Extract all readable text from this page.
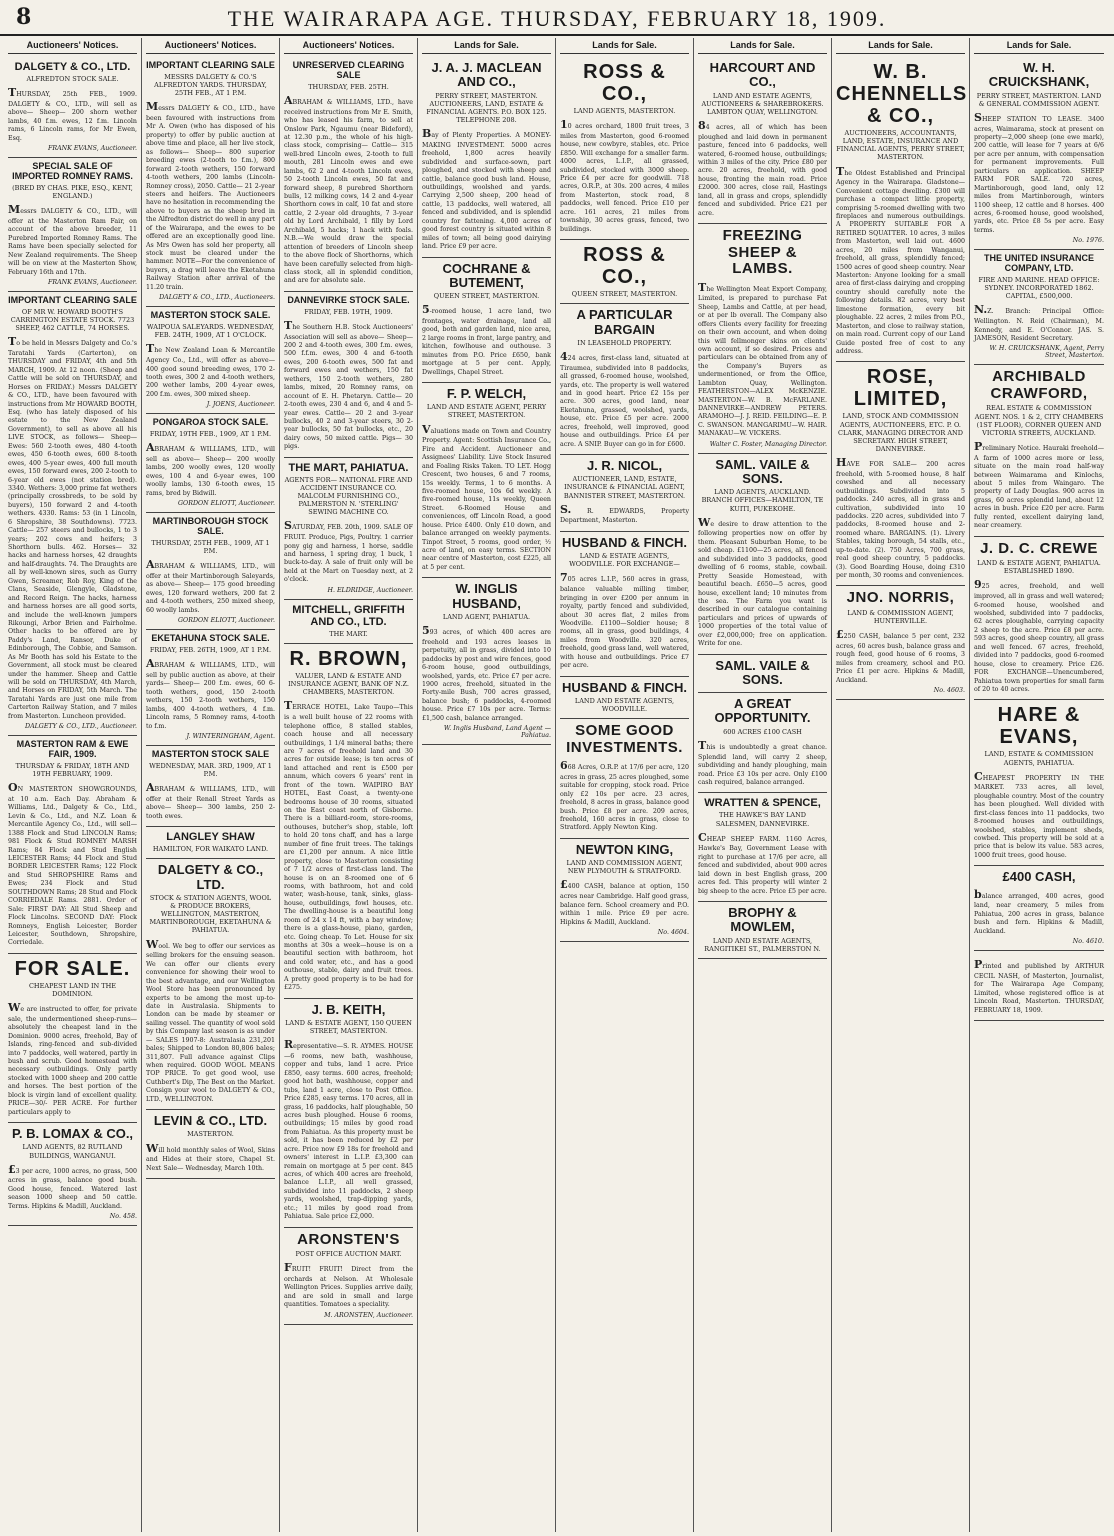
8	THE WAIRARAPA AGE. THURSDAY, FEBRUARY 18, 1909.
Auctioneers' Notices.
DALGETY & CO., LTD.
ALFREDTON STOCK SALE.
THURSDAY, 25th FEB., 1909. DALGETY & CO., LTD., will sell as above— Sheep— 200 shorn wether lambs, 40 f.m. ewes, 12 f.m. Lincoln rams, 6 Lincoln rams, for Mr Ewen, Esq.
FRANK EVANS, Auctioneer.
SPECIAL SALE OF IMPORTED ROMNEY RAMS.
(BRED BY CHAS. PIKE, ESQ., KENT, ENGLAND.)
Messrs DALGETY & CO., LTD., will offer at the Masterton Ram Fair, on account of the above breeder, 11 Purebred Imported Romney Rams. The Rams have been specially selected for New Zealand requirements. The Sheep will be on view at the Masterton Show, February 16th and 17th.
FRANK EVANS, Auctioneer.
IMPORTANT CLEARING SALE
OF MR W. HOWARD BOOTH'S CARRINGTON ESTATE STOCK. 7723 SHEEP, 462 CATTLE, 74 HORSES.
To be held in Messrs Dalgety and Co.'s Taratahi Yards (Carterton), on THURSDAY and FRIDAY, 4th and 5th MARCH, 1909. At 12 noon. (Sheep and Cattle will be sold on THURSDAY, and Horses on FRIDAY.) Messrs DALGETY & CO., LTD., have been favoured with instructions from Mr HOWARD BOOTH, Esq. (who has lately disposed of his estate to the New Zealand Government), to sell as above all his LIVE STOCK, as follows— Sheep— Ewes: 560 2-tooth ewes, 480 4-tooth ewes, 450 6-tooth ewes, 600 8-tooth ewes, 400 5-year ewes, 400 full mouth ewes, 150 forward ewes, 200 2-tooth to 6-year old ewes (not station bred). 3340. Wethers: 3,000 prime fat wethers (principally crossbreds, to be sold by buyers), 150 forward 2 and 4-tooth wethers. 4330. Rams: 53 (in 1 Lincoln, 6 Shropshire, 38 Southdowns). 7723. Cattle— 257 steers and bullocks, 1 to 3 years; 202 cows and heifers; 3 Shorthorn bulls. 462. Horses— 32 hacks and harness horses, 42 draughts and half-draughts. 74. The Draughts are all by well-known sires, such as Gurry Gwen, Screamer, Rob Roy, King of the Clans, Seaside, Glengyle, Gladstone, and Record Reign. The hacks, harness and harness horses are all good sorts, and include the well-known jumpers Rikoungi, Arbor Brien and Fairholme. Other hacks to be offered are by Paddy's Land, Ransor, Duke of Edinborough, The Cobbie, and Samson. As Mr Booth has sold his Estate to the Government, all stock must be cleared under the hammer. Sheep and Cattle will be sold on THURSDAY, 4th March, and Horses on FRIDAY, 5th March. The Taratahi Yards are just one mile from Carterton Railway Station, and 7 miles from Masterton. Luncheon provided.
DALGETY & CO., LTD., Auctioneer.
MASTERTON RAM & EWE FAIR, 1909.
THURSDAY & FRIDAY, 18TH AND 19TH FEBRUARY, 1909.
ON MASTERTON SHOWGROUNDS, at 10 a.m. Each Day. Abraham & Williams, Ltd., Dalgety & Co., Ltd., Levin & Co., Ltd., and N.Z. Loan & Mercantile Agency Co., Ltd., will sell— 1388 Flock and Stud LINCOLN Rams; 981 Flock & Stud ROMNEY MARSH Rams; 84 Flock and Stud English LEICESTER Rams; 44 Flock and Stud BORDER LEICESTER Rams; 122 Flock and Stud SHROPSHIRE Rams and Ewes; 234 Flock and Stud SOUTHDOWN Rams; 28 Stud and Flock CORRIEDALE Rams. 2881. Order of Sale: FIRST DAY: All Stud Sheep and Flock Lincolns. SECOND DAY: Flock Romneys, English Leicester, Border Leicester, Southdown, Shropshire, Corriedale.
FOR SALE.
CHEAPEST LAND IN THE DOMINION.
We are instructed to offer, for private sale, the undermentioned sheep-runs—absolutely the cheapest land in the Dominion. 9000 acres, freehold, Bay of Islands, ring-fenced and sub-divided into 7 paddocks, well watered, partly in bush and scrub. Good homestead with necessary outbuildings. Only partly stocked with 1000 sheep and 200 cattle and horses. The best portion of the block is virgin land of excellent quality. PRICE—30/- PER ACRE. For further particulars apply to
P. B. LOMAX & CO.,
LAND AGENTS, 82 RUTLAND BUILDINGS, WANGANUI.
£3 per acre, 1000 acres, no grass, 500 acres in grass, balance good bush. Good house, fenced. Watered last season 1000 sheep and 50 cattle. Terms. Hipkins & Madill, Auckland.
No. 458.
Auctioneers' Notices.
IMPORTANT CLEARING SALE
MESSRS DALGETY & CO.'S ALFREDTON YARDS. THURSDAY, 25TH FEB., AT 1 P.M.
Messrs DALGETY & CO., LTD., have been favoured with instructions from Mr A. Owen (who has disposed of his property) to offer by public auction at above time and place, all her live stock, as follows— Sheep— 800 superior breeding ewes (2-tooth to f.m.), 800 forward 2-tooth wethers, 150 forward 4-tooth wethers, 200 lambs (Lincoln-Romney cross), 2050. Cattle— 21 2-year steers and heifers. The Auctioneers have no hesitation in recommending the above to buyers as the sheep bred in the Alfredton district do well in any part of the Wairarapa, and the ewes to be offered are an exceptionally good line. As Mrs Owen has sold her property, all stock must be cleared under the hammer. NOTE—For the convenience of buyers, a drag will leave the Eketahuna Railway Station after arrival of the 11.20 train.
DALGETY & CO., LTD., Auctioneers.
MASTERTON STOCK SALE.
WAIPOUA SALEYARDS. WEDNESDAY, FEB. 24TH, 1909, AT 1 O'CLOCK.
The New Zealand Loan & Mercantile Agency Co., Ltd., will offer as above— 400 good sound breeding ewes, 170 2-tooth ewes, 300 2 and 4-tooth wethers, 200 wether lambs, 200 4-year ewes, 200 f.m. ewes, 300 mixed sheep.
J. JOENS, Auctioneer.
PONGAROA STOCK SALE.
FRIDAY, 19TH FEB., 1909, AT 1 P.M.
ABRAHAM & WILLIAMS, LTD., will sell as above— Sheep— 200 woolly lambs, 200 woolly ewes, 120 woolly ewes, 100 4 and 6-year ewes, 100 woolly lambs, 130 6-tooth ewes, 15 rams, bred by Bidwill.
GORDON ELIOTT, Auctioneer.
MARTINBOROUGH STOCK SALE.
THURSDAY, 25TH FEB., 1909, AT 1 P.M.
ABRAHAM & WILLIAMS, LTD., will offer at their Martinborough Saleyards, as above— Sheep— 175 good breeding ewes, 120 forward wethers, 200 fat 2 and 4-tooth wethers, 250 mixed sheep, 60 woolly lambs.
GORDON ELIOTT, Auctioneer.
EKETAHUNA STOCK SALE.
FRIDAY, FEB. 26TH, 1909, AT 1 P.M.
ABRAHAM & WILLIAMS, LTD., will sell by public auction as above, at their yards— Sheep— 200 f.m. ewes, 60 6-tooth wethers, good, 150 2-tooth wethers, 150 2-tooth wethers, 150 lambs, 400 4-tooth wethers, 4 f.m. Lincoln rams, 5 Romney rams, 4-tooth to f.m.
J. WINTERINGHAM, Agent.
MASTERTON STOCK SALE
WEDNESDAY, MAR. 3RD, 1909, AT 1 P.M.
ABRAHAM & WILLIAMS, LTD., will offer at their Renall Street Yards as above— Sheep— 300 lambs, 250 2-tooth ewes.
LANGLEY SHAW
HAMILTON, FOR WAIKATO LAND.
DALGETY & CO., LTD.
STOCK & STATION AGENTS, WOOL & PRODUCE BROKERS, WELLINGTON, MASTERTON, MARTINBOROUGH, EKETAHUNA & PAHIATUA.
Wool. We beg to offer our services as selling brokers for the ensuing season. We can offer our clients every convenience for showing their wool to the best advantage, and our Wellington Wool Store has been pronounced by experts to be among the most up-to-date in Australasia. Shipments to London can be made by steamer or sailing vessel. The quantity of wool sold by this Company last season is as under— SALES 1907-8: Australasia 231,201 bales; Shipped to London 80,806 bales; 311,807. Full advance against Clips when required. GOOD WOOL MEANS TOP PRICE. To get good wool, use Cuthbert's Dip, The Best on the Market. Consign your wool to DALGETY & CO., LTD., WELLINGTON.
LEVIN & CO., LTD.
MASTERTON.
Will hold monthly sales of Wool, Skins and Hides at their store, Chapel St. Next Sale— Wednesday, March 10th.
Auctioneers' Notices.
UNRESERVED CLEARING SALE
THURSDAY, FEB. 25TH.
ABRAHAM & WILLIAMS, LTD., have received instructions from Mr E. Smith, who has leased his farm, to sell at Onslow Park, Ngaumu (near Bideford), at 12.30 p.m., the whole of his high-class stock, comprising— Cattle— 315 well-bred Lincoln ewes, 2-tooth to full mouth, 281 Lincoln ewes and ewe lambs, 62 2 and 4-tooth Lincoln ewes, 50 2-tooth Lincoln ewes, 50 fat and forward sheep, 8 purebred Shorthorn bulls, 12 milking cows, 14 2 and 4-year Shorthorn cows in calf, 10 fat and store cattle, 2 2-year old draughts, 7 3-year old by Lord Archibald, 1 filly by Lord Archibald, 5 hacks; 1 hack with foals. N.B.—We would draw the special attention of breeders of Lincoln sheep to the above flock of Shorthorns, which have been carefully selected from high-class stock, all in splendid condition, and are for absolute sale.
DANNEVIRKE STOCK SALE.
FRIDAY, FEB. 19TH, 1909.
The Southern H.B. Stock Auctioneers' Association will sell as above— Sheep— 200 2 and 4-tooth ewes, 300 f.m. ewes, 500 f.f.m. ewes, 300 4 and 6-tooth ewes, 200 6-tooth ewes, 500 fat and forward ewes and wethers, 150 fat wethers, 150 2-tooth wethers, 280 lambs, mixed, 20 Romney rams, on account of E. H. Phetaryn. Cattle— 20 2-tooth ewes, 230 4 and 6, and 4 and 5-year ewes. Cattle— 20 2 and 3-year bullocks, 40 2 and 3-year steers, 30 2-year bullocks, 50 fat bullocks, etc., 20 dairy cows, 50 mixed cattle. Pigs— 30 pigs.
THE MART, PAHIATUA.
AGENTS FOR— NATIONAL FIRE AND ACCIDENT INSURANCE CO. MALCOLM FURNISHING CO., PALMERSTON N. 'STERLING' SEWING MACHINE CO.
SATURDAY, FEB. 20th, 1909. SALE OF FRUIT. Produce, Pigs, Poultry. 1 carrier pony gig and harness, 1 horse, saddle and harness, 1 spring dray, 1 buck, 1 buck-to-day. A sale of fruit only will be held at the Mart on Tuesday next, at 2 o'clock.
H. ELDRIDGE, Auctioneer.
MITCHELL, GRIFFITH AND CO., LTD.
THE MART.
R. BROWN,
VALUER, LAND & ESTATE AND INSURANCE AGENT, BANK OF N.Z. CHAMBERS, MASTERTON.
TERRACE HOTEL, Lake Taupo—This is a well built house of 22 rooms with telephone office, 8 stalled stables, coach house and all necessary outbuildings, 1 1/4 mineral baths; there are 7 acres of freehold land and 30 acres for outside lease; is ten acres of land attached and rent is £500 per annum, which covers 6 years' rent in front of the town. WAIPIRO BAY HOTEL, East Coast, a twenty-one bedrooms house of 30 rooms, situated on the East coast north of Gisborne. There is a billiard-room, store-rooms, outhouses, butcher's shop, stable, loft to hold 20 tons chaff, and has a large number of fine fruit trees. The takings are £1,200 per annum. A nice little property, close to Masterton consisting of 7 1/2 acres of first-class land. The house is on an 8-roomed one of 6 rooms, with bathroom, hot and cold water, wash-house, tank, sinks, glass-house, outbuildings, fowl houses, etc. The dwelling-house is a beautiful long room of 24 x 14 ft, with a bay window; there is a glass-house, piano, garden, etc. Going cheap. To Let. House for six months at 30s a week—house is on a beautiful section with bathroom, hot and cold water, etc., and has a good outhouse, stable, dairy and fruit trees. A pretty good property is to be had for £275.
J. B. KEITH,
LAND & ESTATE AGENT, 150 QUEEN STREET, MASTERTON.
Representative—S. R. AYMES. HOUSE—6 rooms, new bath, washhouse, copper and tubs, land 1 acre. Price £850, easy terms. 600 acres, freehold; good hot bath, washhouse, copper and tubs, land 1 acre, close to Post Office. Price £285, easy terms. 170 acres, all in grass, 16 paddocks, half ploughable, 50 acres bush ploughed. House 6 rooms, outbuildings; 15 miles by good road from Pahiatua. As this property must be sold, it has been reduced by £2 per acre. Price now £9 18s for freehold and owners' interest in L.I.P. £3,300 can remain on mortgage at 5 per cent. 845 acres, of which 400 acres are freehold, balance L.I.P., all well grassed, subdivided into 11 paddocks, 2 sheep yards, woolshed, trap-dipping yards, etc.; 11 miles by good road from Pahiatua. Sale price £2,000.
ARONSTEN'S
POST OFFICE AUCTION MART.
FRUIT! FRUIT! Direct from the orchards at Nelson. At Wholesale Wellington Prices. Supplies arrive daily, and are sold in small and large quantities. Tomatoes a speciality.
M. ARONSTEN, Auctioneer.
Lands for Sale.
J. A. J. MACLEAN AND CO.,
PERRY STREET, MASTERTON. AUCTIONEERS, LAND, ESTATE & FINANCIAL AGENTS. P.O. BOX 125. TELEPHONE 208.
Bay of Plenty Properties. A MONEY-MAKING INVESTMENT. 5000 acres freehold, 1,800 acres heavily subdivided and surface-sown, part ploughed, and stocked with sheep and cattle, balance good bush land. House, outbuildings, woolshed and yards. Carrying 2,500 sheep, 200 head of cattle, 13 paddocks, well watered, all fenced and subdivided, and is splendid country for fattening. 4,000 acres of good forest country is situated within 8 miles of town; all being good dairying land. Price £9 per acre.
COCHRANE & BUTEMENT,
QUEEN STREET, MASTERTON.
5-roomed house, 1 acre land, two frontages, water drainage, land all good, both and garden land, nice area, 2 large rooms in front, large pantry, and kitchen, fowlhouse and outhouse. 3 minutes from P.O. Price £650, bank mortgage at 5 per cent. Apply, Dwellings, Chapel Street.
F. P. WELCH,
LAND AND ESTATE AGENT, PERRY STREET, MASTERTON.
Valuations made on Town and Country Property. Agent: Scottish Insurance Co., Fire and Accident. Auctioneer and Assignees' Liability. Live Stock Insured and Foaling Risks Taken. TO LET. Hogg Crescent, two houses, 6 and 7 rooms, 15s weekly. Terms, 1 to 6 months. A five-roomed house, 10s 6d weekly. A five-roomed house, 11s weekly, Queen Street. 6-Roomed House and conveniences, off Lincoln Road, a good house. Price £400. Only £10 down, and balance arranged on weekly payments. Tinpot Street, 5 rooms, good order, ½ acre of land, on easy terms. SECTION near centre of Masterton, cost £225, all at 5 per cent.
W. INGLIS HUSBAND,
LAND AGENT, PAHIATUA.
593 acres, of which 400 acres are freehold and 193 acres leases in perpetuity, all in grass, divided into 10 paddocks by post and wire fences, good 6-room house, good outbuildings, woolshed, yards, etc. Price £7 per acre. 1900 acres, freehold, situated in the Forty-mile Bush, 700 acres grassed, balance bush; 6 paddocks, 4-roomed house. Price £7 10s per acre. Terms: £1,500 cash, balance arranged.
W. Inglis Husband, Land Agent — Pahiatua.
Lands for Sale.
ROSS & CO.,
LAND AGENTS, MASTERTON.
10 acres orchard, 1800 fruit trees, 3 miles from Masterton, good 6-roomed house, new cowbyre, stables, etc. Price £850. Will exchange for a smaller farm. 4000 acres, L.I.P., all grassed, subdivided, stocked with 3000 sheep. Price £4 per acre for goodwill. 718 acres, O.R.P., at 30s. 200 acres, 4 miles from Masterton, stock road, 8 paddocks, well fenced. Price £10 per acre. 161 acres, 21 miles from township, 30 acres grass, fenced, two buildings.
ROSS & CO.,
QUEEN STREET, MASTERTON.
A PARTICULAR BARGAIN
IN LEASEHOLD PROPERTY.
424 acres, first-class land, situated at Tiraumea, subdivided into 8 paddocks, all grassed, 6-roomed house, woolshed, yards, etc. The property is well watered and in good heart. Price £2 15s per acre. 300 acres, good land, near Eketahuna, grassed, woolshed, yards, house, etc. Price £5 per acre. 2000 acres, freehold, well improved, good house and outbuildings. Price £4 per acre. A SNIP. Buyer can go in for £600.
J. R. NICOL,
AUCTIONEER, LAND, ESTATE, INSURANCE & FINANCIAL AGENT, BANNISTER STREET, MASTERTON.
S. R. EDWARDS, Property Department, Masterton.
HUSBAND & FINCH.
LAND & ESTATE AGENTS, WOODVILLE. FOR EXCHANGE—
705 acres L.I.P., 560 acres in grass, balance valuable milling timber, bringing in over £200 per annum in royalty, partly fenced and subdivided, about 30 acres flat, 2 miles from Woodville. £1100—Soldier house; 8 rooms, all in grass, good buildings, 4 miles from Woodville. 320 acres, freehold, good grass land, well watered, with house and outbuildings. Price £7 per acre.
HUSBAND & FINCH.
LAND AND ESTATE AGENTS, WOODVILLE.
SOME GOOD INVESTMENTS.
668 Acres, O.R.P. at 17/6 per acre, 120 acres in grass, 25 acres ploughed, some suitable for cropping, stock road. Price only £2 10s per acre. 23 acres, freehold, 8 acres in grass, balance good bush. Price £8 per acre. 209 acres, freehold, 160 acres in grass, close to Stratford. Apply Newton King.
NEWTON KING,
LAND AND COMMISSION AGENT, NEW PLYMOUTH & STRATFORD.
£400 CASH, balance at option, 150 acres near Cambridge. Half good grass, balance fern. School creamery and P.O. within 1 mile. Price £9 per acre. Hipkins & Madill, Auckland.
No. 4604.
Lands for Sale.
HARCOURT AND CO.,
LAND AND ESTATE AGENTS, AUCTIONEERS & SHAREBROKERS. LAMBTON QUAY, WELLINGTON.
84 acres, all of which has been ploughed and laid down in permanent pasture, fenced into 6 paddocks, well watered, 6-roomed house, outbuildings; within 3 miles of the city. Price £80 per acre. 20 acres, freehold, with good house, fronting the main road. Price £2000. 300 acres, close rail, Hastings land, all in grass and crops, splendidly fenced and subdivided. Price £21 per acre.
FREEZING SHEEP & LAMBS.
The Wellington Meat Export Company, Limited, is prepared to purchase Fat Sheep, Lambs and Cattle, at per head, or at per lb overall. The Company also offers Clients every facility for freezing on their own account, and when doing this will fellmonger skins on clients' own account, if so desired. Prices and particulars can be obtained from any of the Company's Buyers as undermentioned, or from the Office, Lambton Quay, Wellington. FEATHERSTON—ALEX McKENZIE. MASTERTON—W. B. McFARLANE. DANNEVIRKE—ANDREW PETERS. ARAMOHO—J. J. REID. FEILDING—E. P. C. SWANSON. MANGARIMU—W. HAIR. MANAKAU—W. VICKERS.
Walter C. Foster, Managing Director.
SAML. VAILE & SONS.
LAND AGENTS, AUCKLAND. BRANCH OFFICES—HAMILTON, TE KUITI, PUKEKOHE.
We desire to draw attention to the following properties now on offer by them. Pleasant Suburban Home, to be sold cheap. £1100—25 acres, all fenced and subdivided into 3 paddocks, good dwelling of 6 rooms, stable, cowbail. Pretty Seaside Homestead, with beautiful beach. £650—5 acres, good house, excellent land; 10 minutes from the sea. The Farm you want is described in our catalogue containing particulars and prices of upwards of 1000 properties of the total value of over £2,000,000; free on application. Write for one.
SAML. VAILE & SONS.
A GREAT OPPORTUNITY.
600 ACRES £100 CASH
This is undoubtedly a great chance. Splendid land, will carry 2 sheep, subdividing and handy ploughing, main road. Price £3 10s per acre. Only £100 cash required, balance arranged.
WRATTEN & SPENCE,
THE HAWKE'S BAY LAND SALESMEN, DANNEVIRKE.
CHEAP SHEEP FARM. 1160 Acres, Hawke's Bay, Government Lease with right to purchase at 17/6 per acre, all fenced and subdivided, about 900 acres laid down in best English grass, 200 acres fed. This property will winter 2 big sheep to the acre. Price £5 per acre.
BROPHY & MOWLEM,
LAND AND ESTATE AGENTS, RANGITIKEI ST., PALMERSTON N.
Lands for Sale.
W. B. CHENNELLS & CO.,
AUCTIONEERS, ACCOUNTANTS, LAND, ESTATE, INSURANCE AND FINANCIAL AGENTS, PERRY STREET, MASTERTON.
The Oldest Established and Principal Agency in the Wairarapa. Gladstone— Convenient cottage dwelling. £300 will purchase a compact little property, comprising 5-roomed dwelling with two fireplaces and numerous outbuildings. A PROPERTY SUITABLE FOR A RETIRED SQUATTER. 10 acres, 3 miles from Masterton, well laid out. 4600 acres, 20 miles from Wanganui, freehold, all grass, splendidly fenced; 1500 acres of good sheep country. Near Masterton: Anyone looking for a small area of first-class dairying and cropping country should carefully note the following details. 82 acres, very best limestone formation, every bit ploughable. 22 acres, 2 miles from P.O., Masterton, and close to railway station, on main road. Current copy of our Land Guide posted free of cost to any address.
ROSE, LIMITED,
LAND, STOCK AND COMMISSION AGENTS, AUCTIONEERS, ETC. P. O. CLARK, MANAGING DIRECTOR AND SECRETARY. HIGH STREET, DANNEVIRKE.
HAVE FOR SALE— 200 acres freehold, with 5-roomed house, 8 half cowshed and all necessary outbuildings. Subdivided into 5 paddocks. 240 acres, all in grass and cultivation, subdivided into 10 paddocks. 220 acres, subdivided into 7 paddocks, 8-roomed house and 2-roomed whare. BARGAINS. (1). Livery Stables, taking borough, 54 stalls, etc., up-to-date. (2). 750 Acres, 700 grass, real good sheep country, 5 paddocks. (3). Good Boarding House, doing £310 per month, 30 rooms and conveniences.
JNO. NORRIS,
LAND & COMMISSION AGENT, HUNTERVILLE.
£250 CASH, balance 5 per cent, 232 acres, 60 acres bush, balance grass and rough feed, good house of 6 rooms, 3 miles from creamery, school and P.O. Price £1 per acre. Hipkins & Madill, Auckland.
No. 4603.
Lands for Sale.
W. H. CRUICKSHANK,
PERRY STREET, MASTERTON. LAND & GENERAL COMMISSION AGENT.
SHEEP STATION TO LEASE. 3400 acres, Waimarama, stock at present on property—2,000 sheep (one ewe mark), 200 cattle, will lease for 7 years at 6/6 per acre per annum, with compensation for permanent improvements. Full particulars on application. SHEEP FARM FOR SALE. 720 acres, Martinborough, good land, only 12 miles from Martinborough, winters 1100 sheep, 12 cattle and 8 horses. 400 acres, 6-roomed house, good woolshed, yards, etc. Price £8 5s per acre. Easy terms.
No. 1976.
THE UNITED INSURANCE COMPANY, LTD.
FIRE AND MARINE. HEAD OFFICE: SYDNEY. INCORPORATED 1862. CAPITAL, £500,000.
N.Z. Branch: Principal Office: Wellington. N. Reid (Chairman), M. Kennedy, and E. O'Connor. JAS. S. JAMESON, Resident Secretary.
W. H. CRUICKSHANK, Agent, Perry Street, Masterton.
ARCHIBALD CRAWFORD,
REAL ESTATE & COMMISSION AGENT. NOS. 1 & 2, CITY CHAMBERS (1ST FLOOR), CORNER QUEEN AND VICTORIA STREETS, AUCKLAND.
Preliminary Notice. Hauraki freehold—A farm of 1000 acres more or less, situate on the main road half-way between Waimarama and Kinlochs, about 5 miles from Waingaro. The property of Lady Douglas. 900 acres in grass, 60 acres splendid land, about 12 acres in bush. Price £20 per acre. Farm fully rented, excellent dairying land, near creamery.
J. D. C. CREWE
LAND & ESTATE AGENT, PAHIATUA. ESTABLISHED 1890.
925 acres, freehold, and well improved, all in grass and well watered; 6-roomed house, woolshed and woolshed, subdivided into 7 paddocks, 62 acres ploughable, carrying capacity 2 sheep to the acre. Price £8 per acre. 593 acres, good sheep country, all grass and well fenced. 67 acres, freehold, divided into 7 paddocks, good 6-roomed house, close to creamery. Price £26. FOR EXCHANGE—Unencumbered, Pahiatua town properties for small farm of 20 to 40 acres.
HARE & EVANS,
LAND, ESTATE & COMMISSION AGENTS, PAHIATUA.
CHEAPEST PROPERTY IN THE MARKET. 733 acres, all level, ploughable country. Most of the country has been ploughed. Well divided with first-class fences into 11 paddocks, two 8-roomed houses and outbuildings, woolshed, stables, implement sheds, cowbed. This property will be sold at a price that is below its value. 583 acres, 1000 fruit trees, good house.
£400 CASH,
balance arranged, 400 acres, good land, near creamery, 5 miles from Pahiatua, 200 acres in grass, balance bush and fern. Hipkins & Madill, Auckland.
No. 4610.
Printed and published by ARTHUR CECIL NASH, of Masterton, Journalist, for The Wairarapa Age Company, Limited, whose registered office is at Lincoln Road, Masterton. THURSDAY, FEBRUARY 18, 1909.
